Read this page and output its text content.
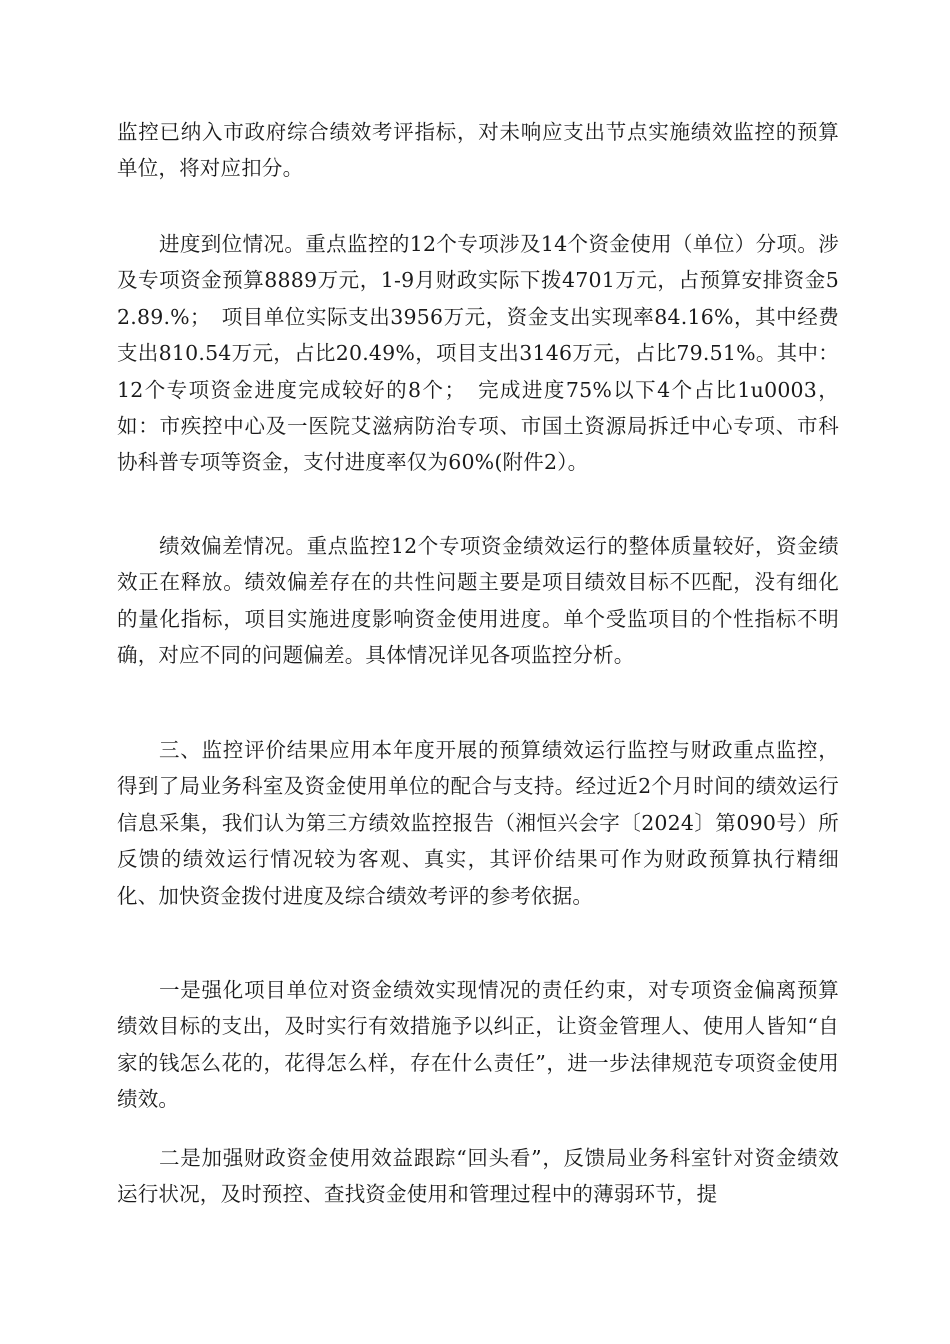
监控已纳入市政府综合绩效考评指标，对未响应支出节点实施绩效监控的预算单位，将对应扣分。

进度到位情况。重点监控的12个专项涉及14个资金使用（单位）分项。涉及专项资金预算8889万元，1-9月财政实际下拨4701万元，占预算安排资金52.89.%；　项目单位实际支出3956万元，资金支出实现率84.16%，其中经费支出810.54万元，占比20.49%，项目支出3146万元，占比79.51%。其中：12个专项资金进度完成较好的8个；　完成进度75%以下4个占比1u0003，如：市疾控中心及一医院艾滋病防治专项、市国土资源局拆迁中心专项、市科协科普专项等资金，支付进度率仅为60%(附件2）。

绩效偏差情况。重点监控12个专项资金绩效运行的整体质量较好，资金绩效正在释放。绩效偏差存在的共性问题主要是项目绩效目标不匹配，没有细化的量化指标，项目实施进度影响资金使用进度。单个受监项目的个性指标不明确，对应不同的问题偏差。具体情况详见各项监控分析。

三、监控评价结果应用本年度开展的预算绩效运行监控与财政重点监控，得到了局业务科室及资金使用单位的配合与支持。经过近2个月时间的绩效运行信息采集，我们认为第三方绩效监控报告（湘恒兴会字〔2024〕第090号）所反馈的绩效运行情况较为客观、真实，其评价结果可作为财政预算执行精细化、加快资金拨付进度及综合绩效考评的参考依据。

一是强化项目单位对资金绩效实现情况的责任约束，对专项资金偏离预算绩效目标的支出，及时实行有效措施予以纠正，让资金管理人、使用人皆知“自家的钱怎么花的，花得怎么样，存在什么责任”，进一步法律规范专项资金使用绩效。

二是加强财政资金使用效益跟踪“回头看”，反馈局业务科室针对资金绩效运行状况，及时预控、查找资金使用和管理过程中的薄弱环节，提
